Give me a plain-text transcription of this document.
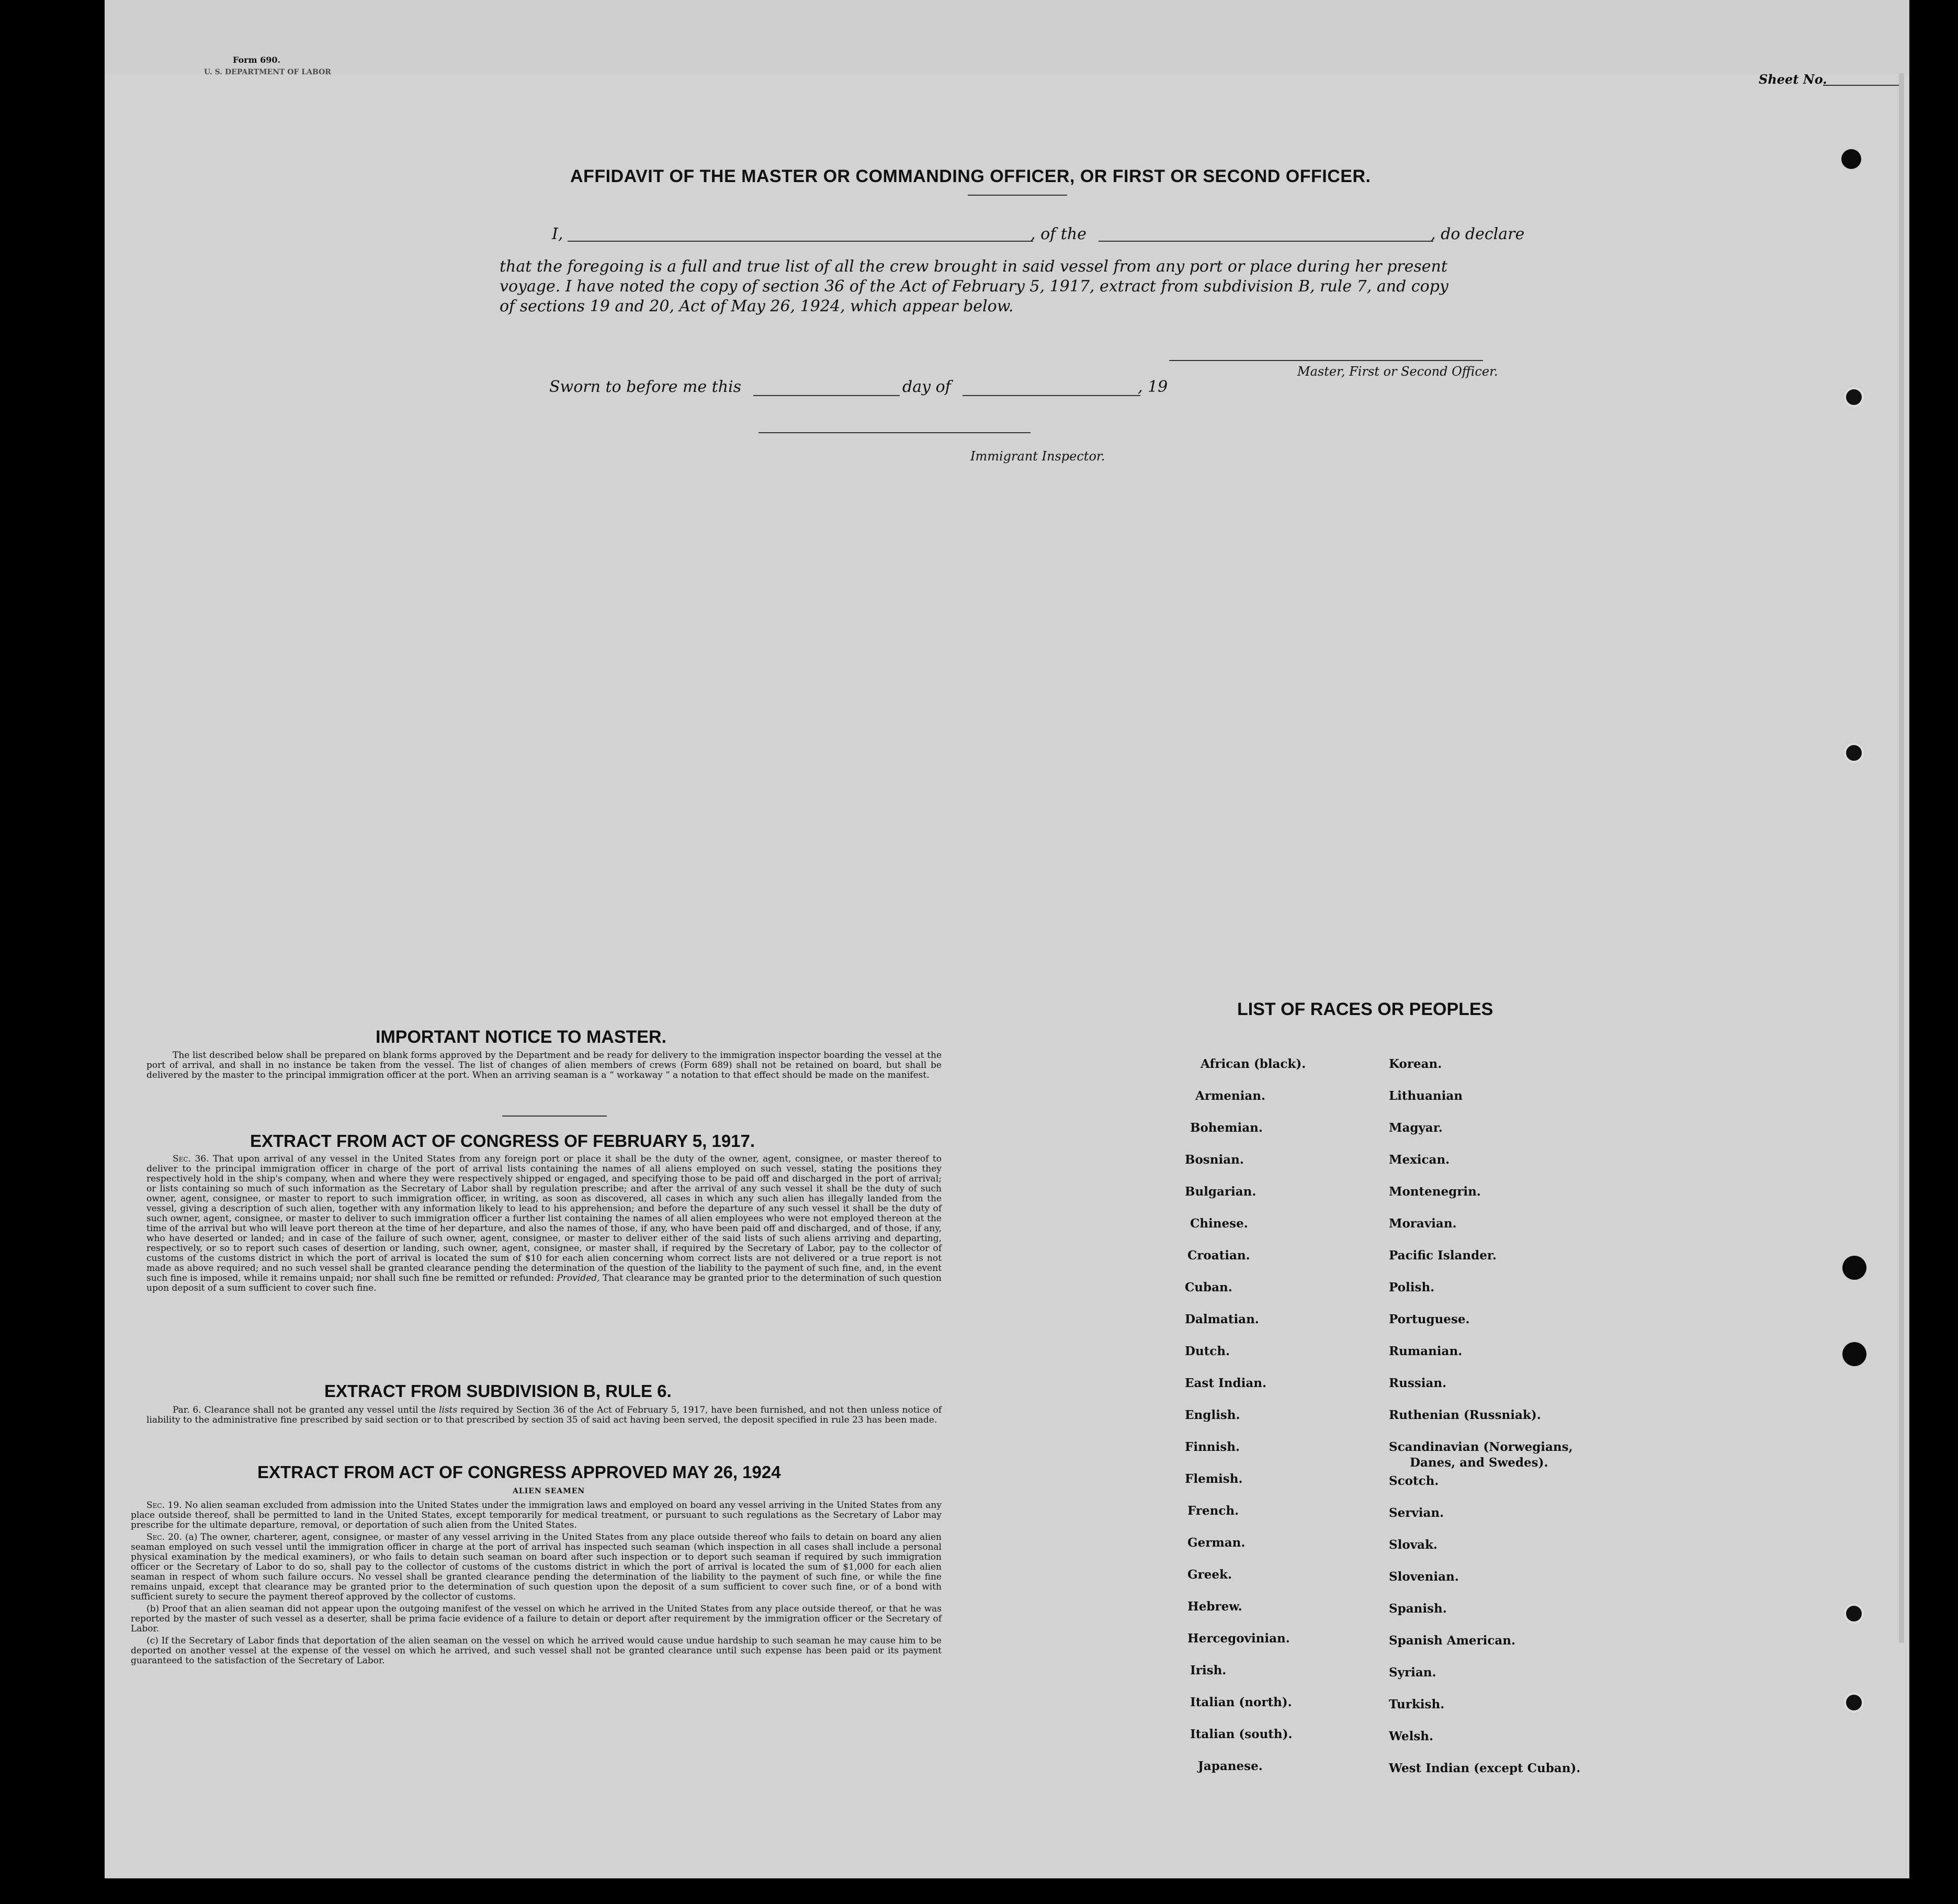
Form 690.
U. S. DEPARTMENT OF LABOR	Sheet No.
AFFIDAVIT OF THE MASTER OR COMMANDING OFFICER, OR FIRST OR SECOND OFFICER.
I,	, of the	, do declare
that the foregoing is a full and true list of all the crew brought in said vessel from any port or place during her present
voyage. I have noted the copy of section 36 of the Act of February 5, 1917, extract from subdivision B, rule 7, and copy
of sections 19 and 20, Act of May 26, 1924, which appear below.
Master, First or Second Officer.
Sworn to before me this	day of	, 19
Immigrant Inspector.
IMPORTANT NOTICE TO MASTER.

The list described below shall be prepared on blank forms approved by the Department and be ready for delivery to the immigration inspector boarding the vessel at the port of arrival, and shall in no instance be taken from the vessel. The list of changes of alien members of crews (Form 689) shall not be retained on board, but shall be delivered by the master to the principal immigration officer at the port. When an arriving seaman is a “ workaway ” a notation to that effect should be made on the manifest.

EXTRACT FROM ACT OF CONGRESS OF FEBRUARY 5, 1917.

Sec. 36. That upon arrival of any vessel in the United States from any foreign port or place it shall be the duty of the owner, agent, consignee, or master thereof to deliver to the principal immigration officer in charge of the port of arrival lists containing the names of all aliens employed on such vessel, stating the positions they respectively hold in the ship's company, when and where they were respectively shipped or engaged, and specifying those to be paid off and discharged in the port of arrival; or lists containing so much of such information as the Secretary of Labor shall by regulation prescribe; and after the arrival of any such vessel it shall be the duty of such owner, agent, consignee, or master to report to such immigration officer, in writing, as soon as discovered, all cases in which any such alien has illegally landed from the vessel, giving a description of such alien, together with any information likely to lead to his apprehension; and before the departure of any such vessel it shall be the duty of such owner, agent, consignee, or master to deliver to such immigration officer a further list containing the names of all alien employees who were not employed thereon at the time of the arrival but who will leave port thereon at the time of her departure, and also the names of those, if any, who have been paid off and discharged, and of those, if any, who have deserted or landed; and in case of the failure of such owner, agent, consignee, or master to deliver either of the said lists of such aliens arriving and departing, respectively, or so to report such cases of desertion or landing, such owner, agent, consignee, or master shall, if required by the Secretary of Labor, pay to the collector of customs of the customs district in which the port of arrival is located the sum of $10 for each alien concerning whom correct lists are not delivered or a true report is not made as above required; and no such vessel shall be granted clearance pending the determination of the question of the liability to the payment of such fine, and, in the event such fine is imposed, while it remains unpaid; nor shall such fine be remitted or refunded: Provided, That clearance may be granted prior to the determination of such question upon deposit of a sum sufficient to cover such fine.

EXTRACT FROM SUBDIVISION B, RULE 6.

Par. 6. Clearance shall not be granted any vessel until the lists required by Section 36 of the Act of February 5, 1917, have been furnished, and not then unless notice of liability to the administrative fine prescribed by said section or to that prescribed by section 35 of said act having been served, the deposit specified in rule 23 has been made.

EXTRACT FROM ACT OF CONGRESS APPROVED MAY 26, 1924
ALIEN SEAMEN

Sec. 19. No alien seaman excluded from admission into the United States under the immigration laws and employed on board any vessel arriving in the United States from any place outside thereof, shall be permitted to land in the United States, except temporarily for medical treatment, or pursuant to such regulations as the Secretary of Labor may prescribe for the ultimate departure, removal, or deportation of such alien from the United States.

Sec. 20. (a) The owner, charterer, agent, consignee, or master of any vessel arriving in the United States from any place outside thereof who fails to detain on board any alien seaman employed on such vessel until the immigration officer in charge at the port of arrival has inspected such seaman (which inspection in all cases shall include a personal physical examination by the medical examiners), or who fails to detain such seaman on board after such inspection or to deport such seaman if required by such immigration officer or the Secretary of Labor to do so, shall pay to the collector of customs of the customs district in which the port of arrival is located the sum of $1,000 for each alien seaman in respect of whom such failure occurs. No vessel shall be granted clearance pending the determination of the liability to the payment of such fine, or while the fine remains unpaid, except that clearance may be granted prior to the determination of such question upon the deposit of a sum sufficient to cover such fine, or of a bond with sufficient surety to secure the payment thereof approved by the collector of customs.

(b) Proof that an alien seaman did not appear upon the outgoing manifest of the vessel on which he arrived in the United States from any place outside thereof, or that he was reported by the master of such vessel as a deserter, shall be prima facie evidence of a failure to detain or deport after requirement by the immigration officer or the Secretary of Labor.

(c) If the Secretary of Labor finds that deportation of the alien seaman on the vessel on which he arrived would cause undue hardship to such seaman he may cause him to be deported on another vessel at the expense of the vessel on which he arrived, and such vessel shall not be granted clearance until such expense has been paid or its payment guaranteed to the satisfaction of the Secretary of Labor.

LIST OF RACES OR PEOPLES
African (black).
Armenian.
Bohemian.
Bosnian.
Bulgarian.
Chinese.
Croatian.
Cuban.
Dalmatian.
Dutch.
East Indian.
English.
Finnish.
Flemish.
French.
German.
Greek.
Hebrew.
Hercegovinian.
Irish.
Italian (north).
Italian (south).
Japanese.
Korean.
Lithuanian
Magyar.
Mexican.
Montenegrin.
Moravian.
Pacific Islander.
Polish.
Portuguese.
Rumanian.
Russian.
Ruthenian (Russniak).
Scandinavian (Norwegians,
Danes, and Swedes).
Scotch.
Servian.
Slovak.
Slovenian.
Spanish.
Spanish American.
Syrian.
Turkish.
Welsh.
West Indian (except Cuban).
